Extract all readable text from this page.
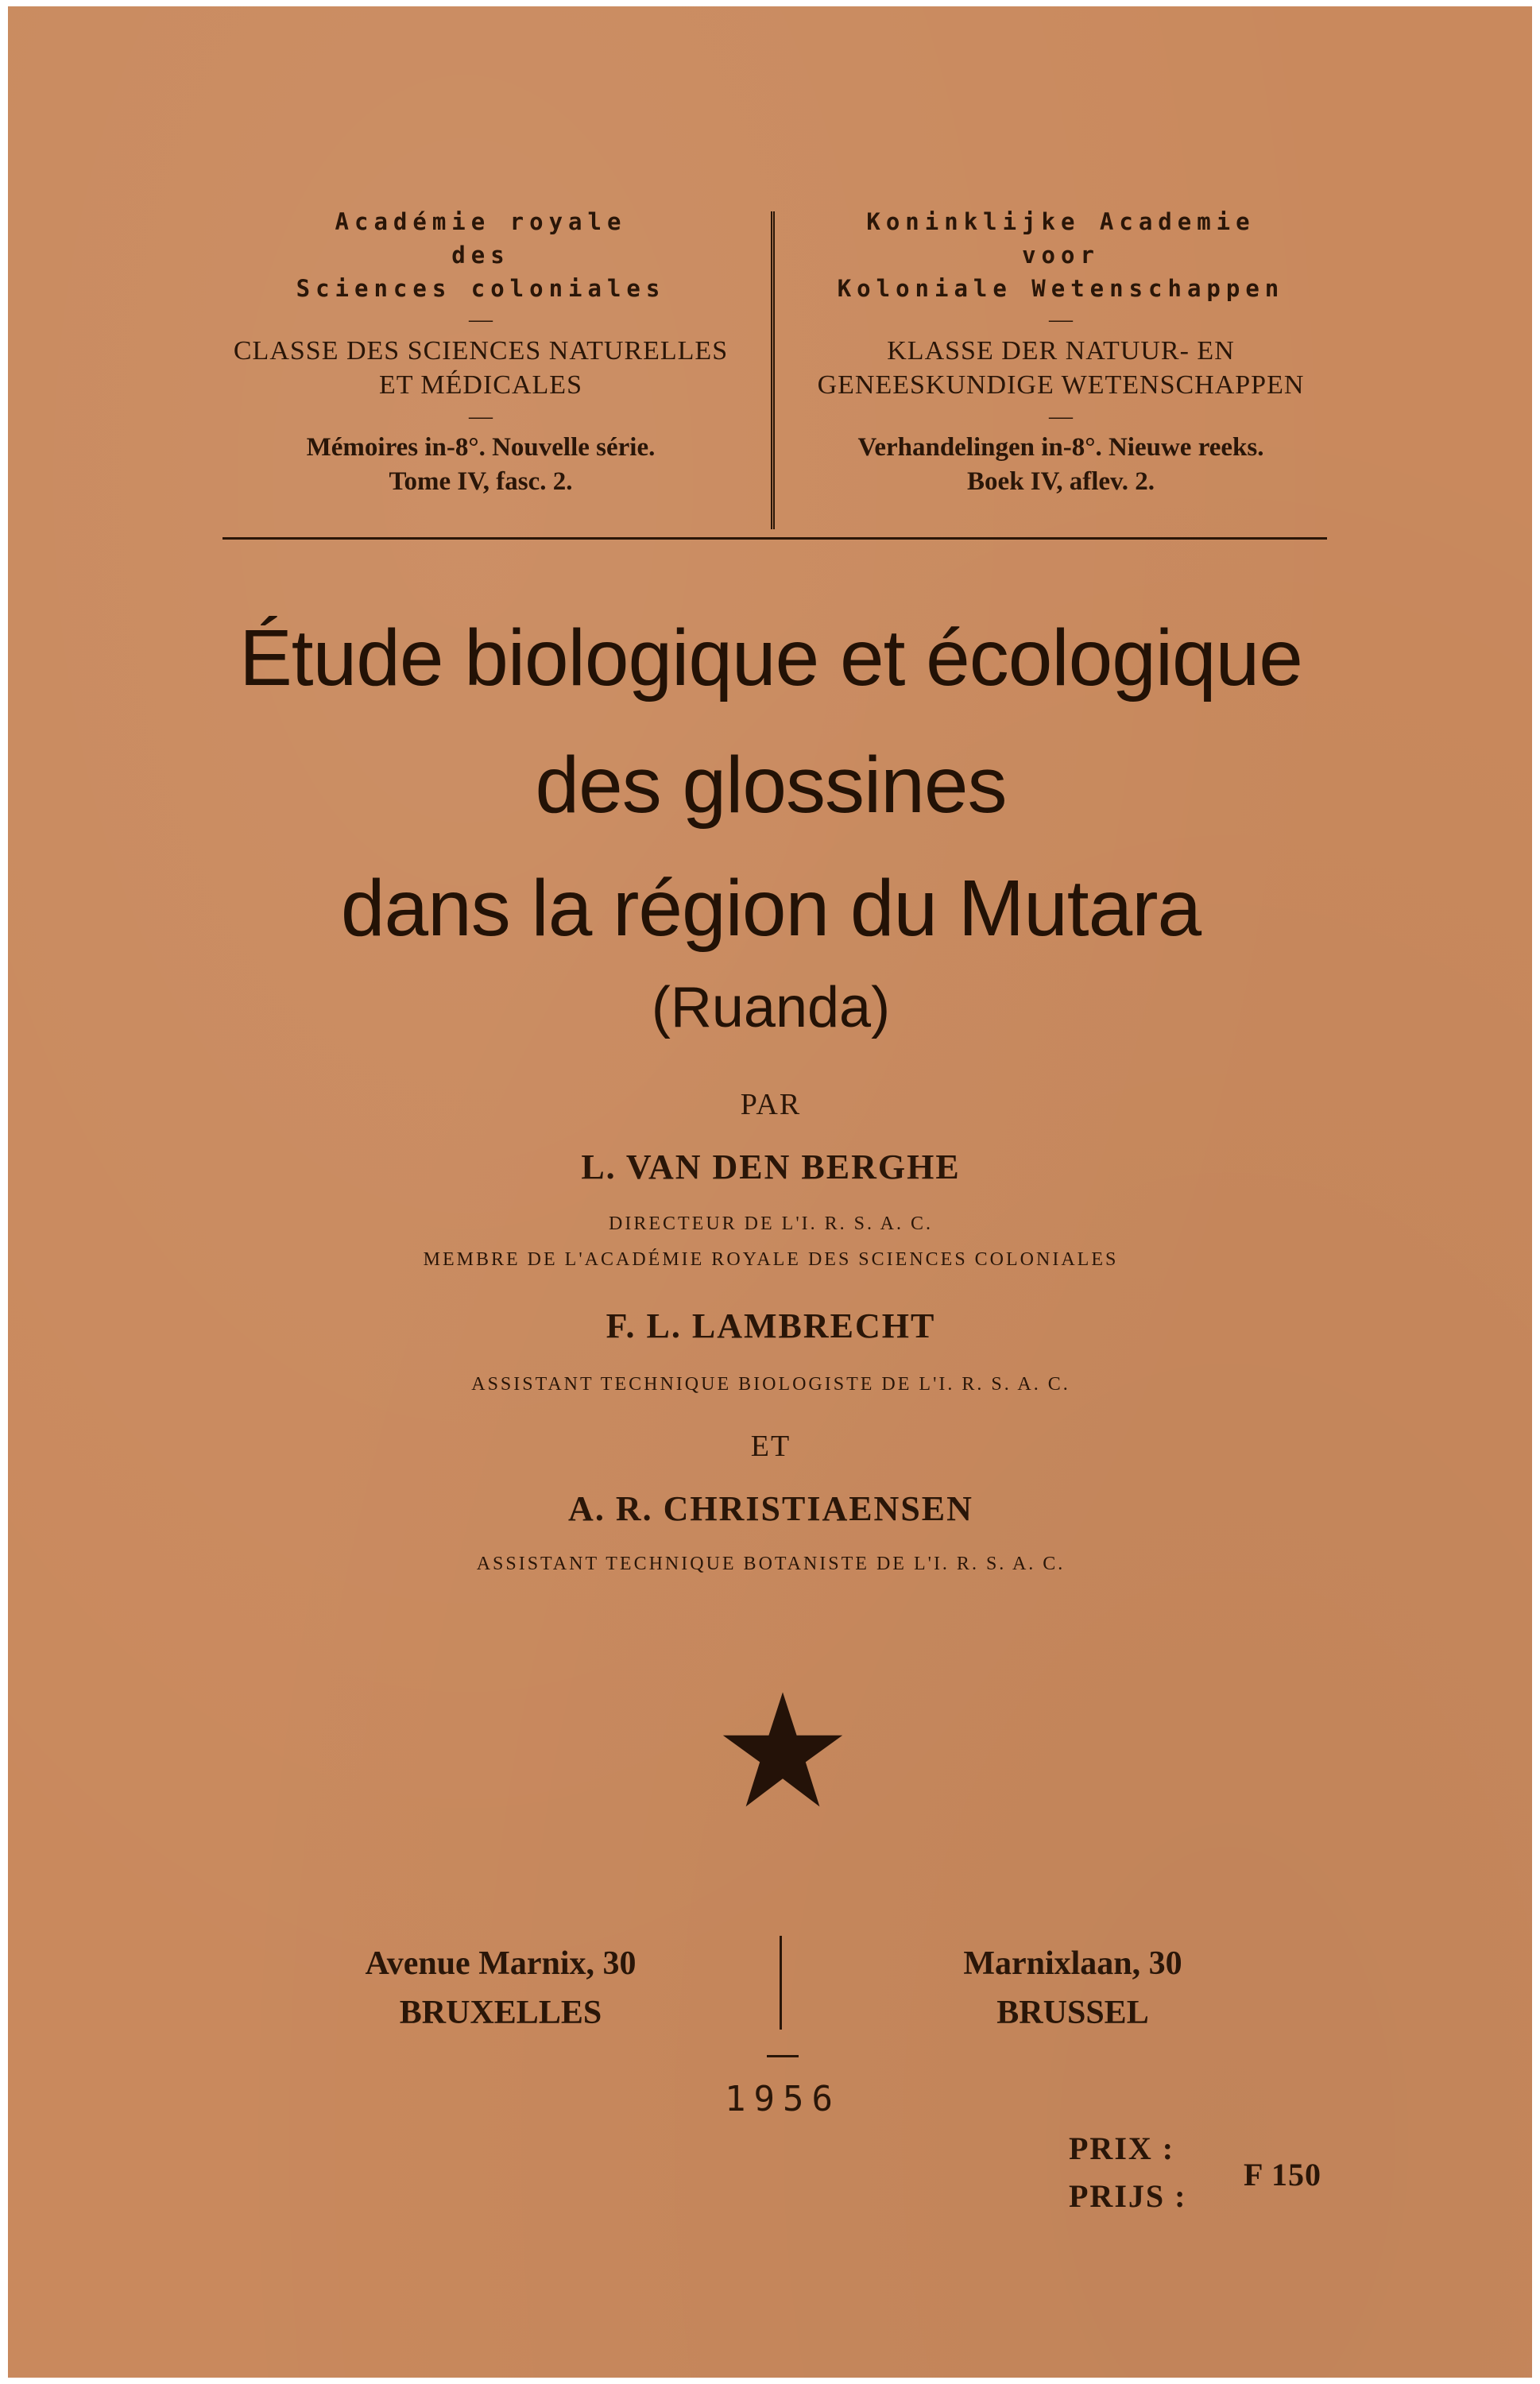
Académie royale
des
Sciences coloniales
—
CLASSE DES SCIENCES NATURELLES
ET MÉDICALES
—
Mémoires in-8°. Nouvelle série.
Tome IV, fasc. 2.
Koninklijke Academie
voor
Koloniale Wetenschappen
—
KLASSE DER NATUUR- EN
GENEESKUNDIGE WETENSCHAPPEN
—
Verhandelingen in-8°. Nieuwe reeks.
Boek IV, aflev. 2.
Étude biologique et écologique
des glossines
dans la région du Mutara
(Ruanda)
PAR
L. VAN DEN BERGHE
DIRECTEUR DE L'I. R. S. A. C.
MEMBRE DE L'ACADÉMIE ROYALE DES SCIENCES COLONIALES
F. L. LAMBRECHT
ASSISTANT TECHNIQUE BIOLOGISTE DE L'I. R. S. A. C.
ET
A. R. CHRISTIAENSEN
ASSISTANT TECHNIQUE BOTANISTE DE L'I. R. S. A. C.
Avenue Marnix, 30
BRUXELLES
Marnixlaan, 30
BRUSSEL
1956
PRIX :
PRIJS :
F 150
